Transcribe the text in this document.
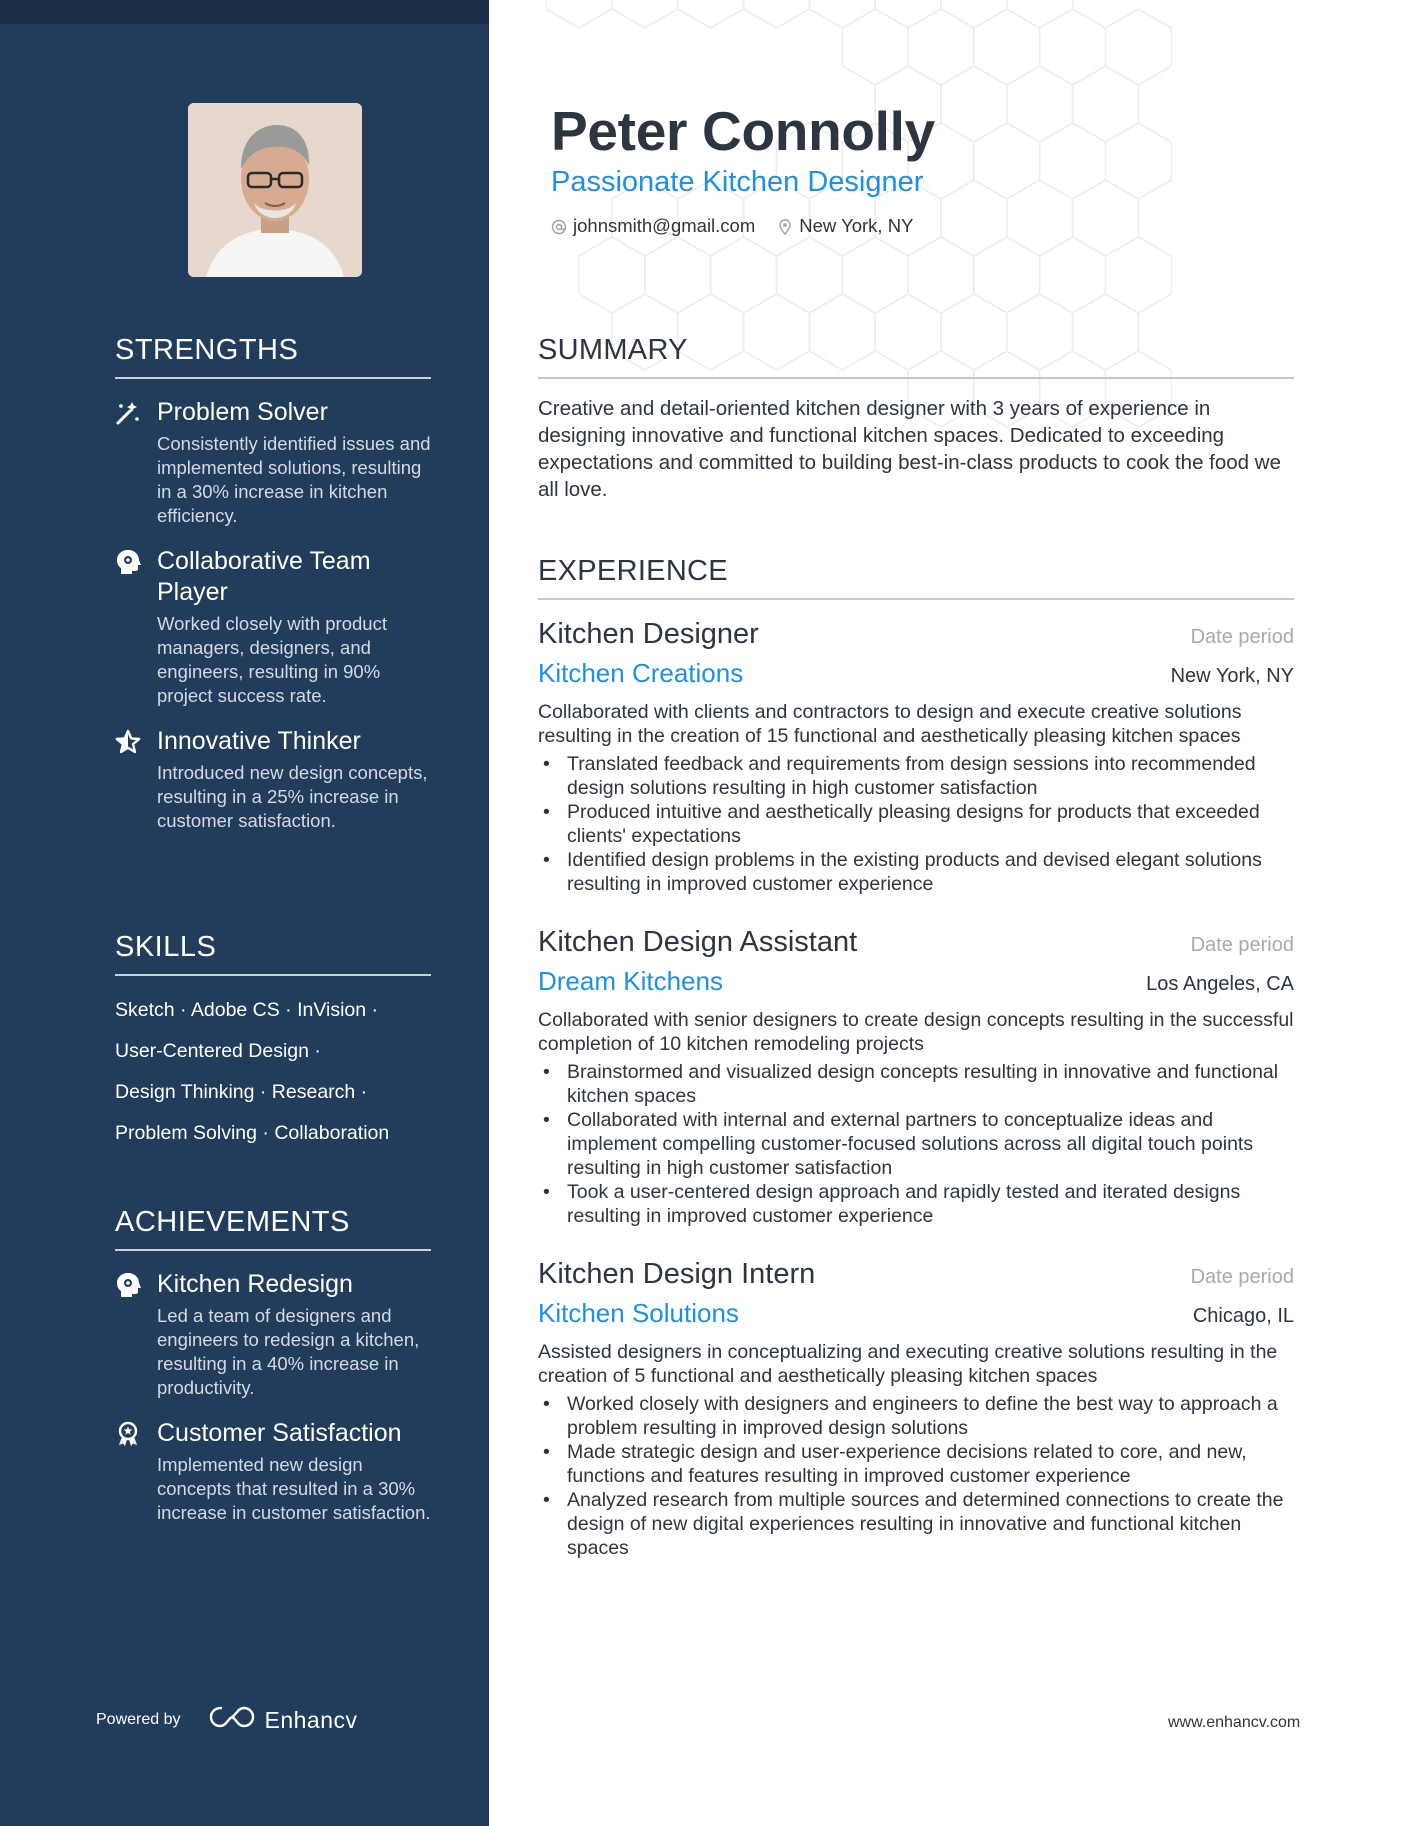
STRENGTHS
Problem Solver
Consistently identified issues and implemented solutions, resulting in a 30% increase in kitchen efficiency.
Collaborative Team Player
Worked closely with product managers, designers, and engineers, resulting in 90% project success rate.
Innovative Thinker
Introduced new design concepts, resulting in a 25% increase in customer satisfaction.
SKILLS
Sketch · Adobe CS · InVision ·
User-Centered Design ·
Design Thinking · Research ·
Problem Solving · Collaboration
ACHIEVEMENTS
Kitchen Redesign
Led a team of designers and engineers to redesign a kitchen, resulting in a 40% increase in productivity.
Customer Satisfaction
Implemented new design concepts that resulted in a 30% increase in customer satisfaction.
Powered by	Enhancv
Peter Connolly
Passionate Kitchen Designer
johnsmith@gmail.com New York, NY
SUMMARY

Creative and detail-oriented kitchen designer with 3 years of experience in designing innovative and functional kitchen spaces. Dedicated to exceeding expectations and committed to building best-in-class products to cook the food we all love.

EXPERIENCE
Kitchen Designer	Date period
Kitchen Creations	New York, NY

Collaborated with clients and contractors to design and execute creative solutions resulting in the creation of 15 functional and aesthetically pleasing kitchen spaces

• Translated feedback and requirements from design sessions into recommended design solutions resulting in high customer satisfaction
• Produced intuitive and aesthetically pleasing designs for products that exceeded clients' expectations
• Identified design problems in the existing products and devised elegant solutions resulting in improved customer experience
Kitchen Design Assistant	Date period
Dream Kitchens	Los Angeles, CA

Collaborated with senior designers to create design concepts resulting in the successful completion of 10 kitchen remodeling projects

• Brainstormed and visualized design concepts resulting in innovative and functional kitchen spaces
• Collaborated with internal and external partners to conceptualize ideas and implement compelling customer-focused solutions across all digital touch points resulting in high customer satisfaction
• Took a user-centered design approach and rapidly tested and iterated designs resulting in improved customer experience
Kitchen Design Intern	Date period
Kitchen Solutions	Chicago, IL

Assisted designers in conceptualizing and executing creative solutions resulting in the creation of 5 functional and aesthetically pleasing kitchen spaces

• Worked closely with designers and engineers to define the best way to approach a problem resulting in improved design solutions
• Made strategic design and user-experience decisions related to core, and new, functions and features resulting in improved customer experience
• Analyzed research from multiple sources and determined connections to create the design of new digital experiences resulting in innovative and functional kitchen spaces
www.enhancv.com
